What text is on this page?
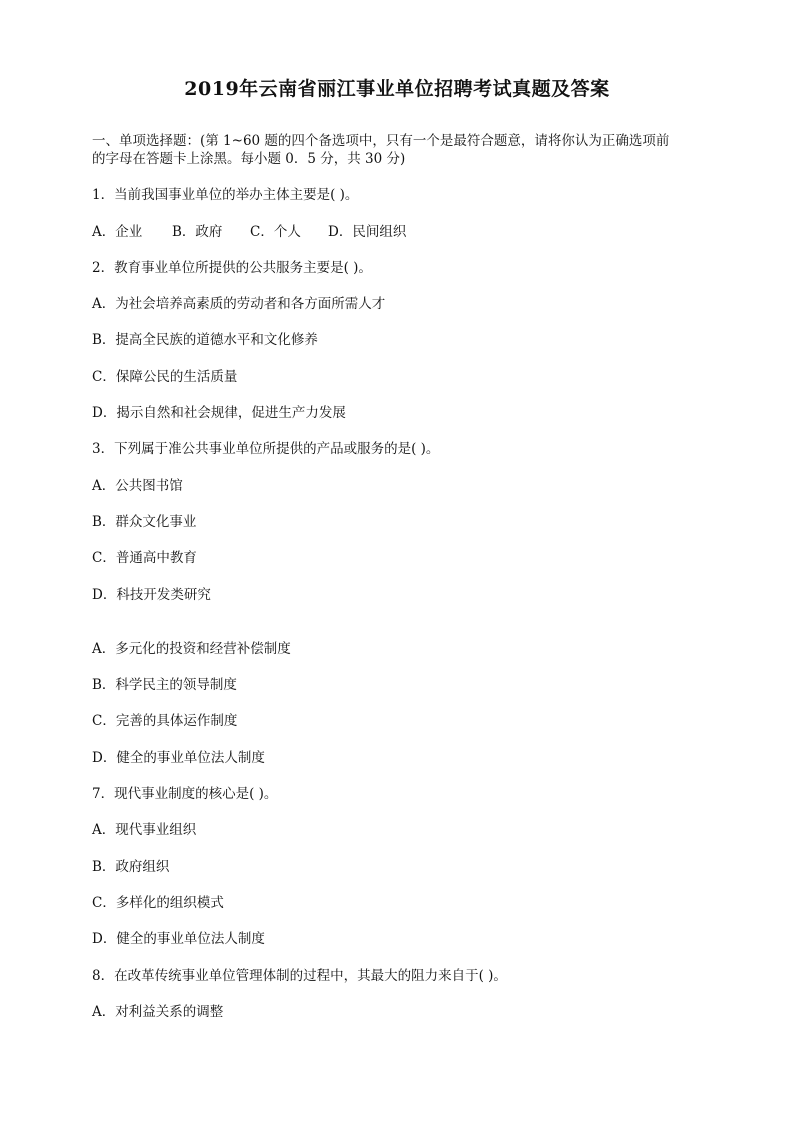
2019年云南省丽江事业单位招聘考试真题及答案
一、单项选择题：(第 1~60 题的四个备选项中，只有一个是最符合题意，请将你认为正确选项前
的字母在答题卡上涂黑。每小题 0．5 分，共 30 分)

1．当前我国事业单位的举办主体主要是( )。

A．企业 B．政府 C．个人 D．民间组织

2．教育事业单位所提供的公共服务主要是( )。

A．为社会培养高素质的劳动者和各方面所需人才

B．提高全民族的道德水平和文化修养

C．保障公民的生活质量

D．揭示自然和社会规律，促进生产力发展

3．下列属于准公共事业单位所提供的产品或服务的是( )。

A．公共图书馆

B．群众文化事业

C．普通高中教育

D．科技开发类研究

A．多元化的投资和经营补偿制度

B．科学民主的领导制度

C．完善的具体运作制度

D．健全的事业单位法人制度

7．现代事业制度的核心是( )。

A．现代事业组织

B．政府组织

C．多样化的组织模式

D．健全的事业单位法人制度

8．在改革传统事业单位管理体制的过程中，其最大的阻力来自于( )。

A．对利益关系的调整
